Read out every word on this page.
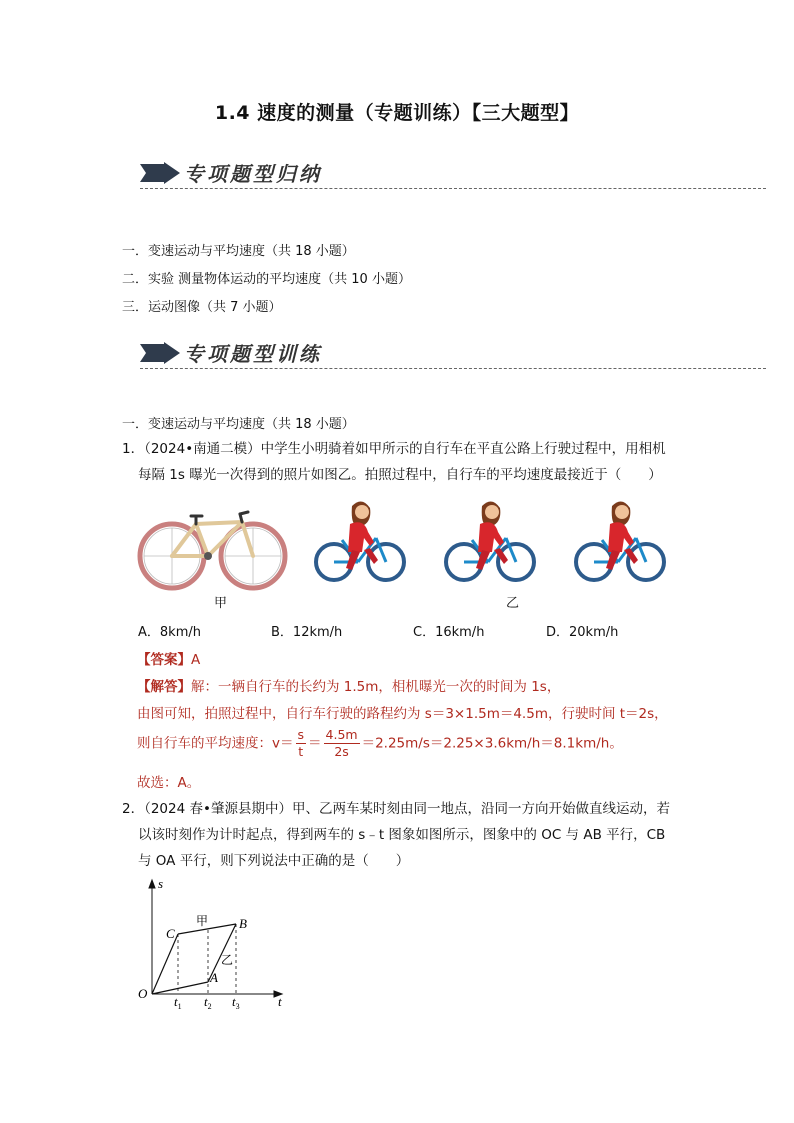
1.4 速度的测量（专题训练）【三大题型】
专项题型归纳
一．变速运动与平均速度（共 18 小题）
二．实验 测量物体运动的平均速度（共 10 小题）
三．运动图像（共 7 小题）
专项题型训练
一．变速运动与平均速度（共 18 小题）
1．（2024•南通二模）中学生小明骑着如甲所示的自行车在平直公路上行驶过程中，用相机
每隔 1s 曝光一次得到的照片如图乙。拍照过程中，自行车的平均速度最接近于（　　）
甲	乙
A．8km/h	B．12km/h	C．16km/h	D．20km/h
【答案】A
【解答】解：一辆自行车的长约为 1.5m，相机曝光一次的时间为 1s，
由图可知，拍照过程中，自行车行驶的路程约为 s＝3×1.5m＝4.5m，行驶时间 t＝2s，
则自行车的平均速度：$v= \frac{s}{t} = \frac{4.5m}{2s} =2.25m/s=2.25\times 3.6km/h=8.1km/h$。
故选：A。
2．（2024 春•肇源县期中）甲、乙两车某时刻由同一地点，沿同一方向开始做直线运动，若
以该时刻作为计时起点，得到两车的 s﹣t 图象如图所示，图象中的 OC 与 AB 平行，CB
与 OA 平行，则下列说法中正确的是（　　）
s
t
O
C
B
A
甲
乙
$t_1$ $t_2$ $t_3$
